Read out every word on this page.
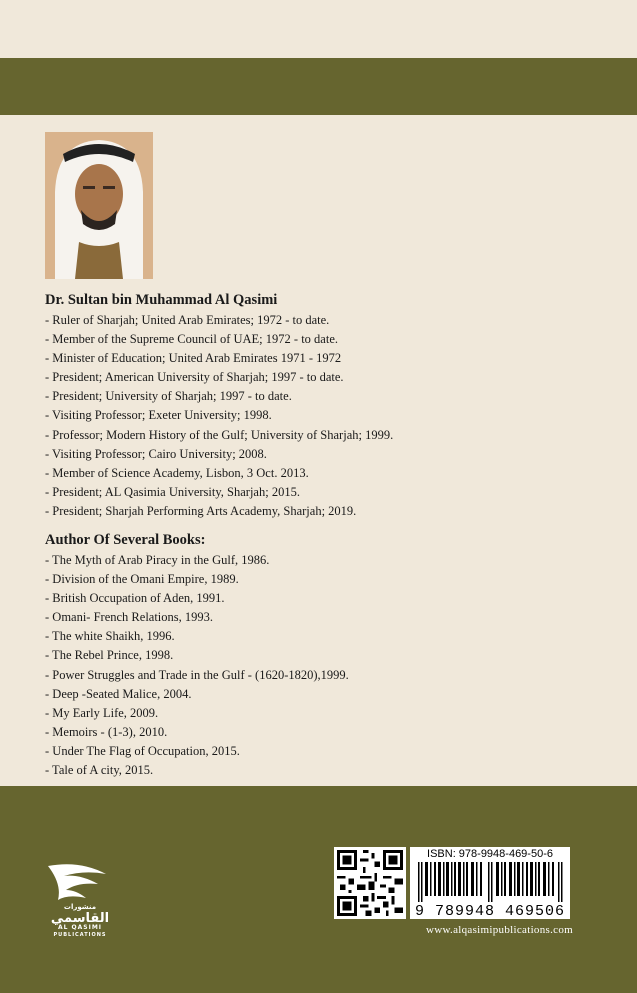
Dr. Sultan bin Muhammad Al Qasimi
- Ruler of Sharjah; United Arab Emirates; 1972 - to date.
- Member of the Supreme Council of UAE; 1972 - to date.
- Minister of Education; United Arab Emirates 1971 - 1972
- President; American University of Sharjah; 1997 - to date.
- President; University of Sharjah; 1997 - to date.
- Visiting Professor; Exeter University; 1998.
- Professor; Modern History of the Gulf; University of Sharjah; 1999.
- Visiting Professor; Cairo University; 2008.
- Member of Science Academy, Lisbon, 3 Oct. 2013.
- President; AL Qasimia University, Sharjah; 2015.
- President; Sharjah Performing Arts Academy, Sharjah; 2019.
Author Of Several Books:
- The Myth of Arab Piracy in the Gulf, 1986.
- Division of the Omani Empire, 1989.
- British Occupation of Aden, 1991.
- Omani- French Relations, 1993.
- The white Shaikh, 1996.
- The Rebel Prince, 1998.
- Power Struggles and Trade in the Gulf - (1620-1820),1999.
- Deep -Seated Malice, 2004.
- My Early Life, 2009.
- Memoirs - (1-3), 2010.
- Under The Flag of Occupation, 2015.
- Tale of A city, 2015.
منشورات
القاسمي
AL QASIMI
PUBLICATIONS
ISBN: 978-9948-469-50-6
9 789948 469506
www.alqasimipublications.com
